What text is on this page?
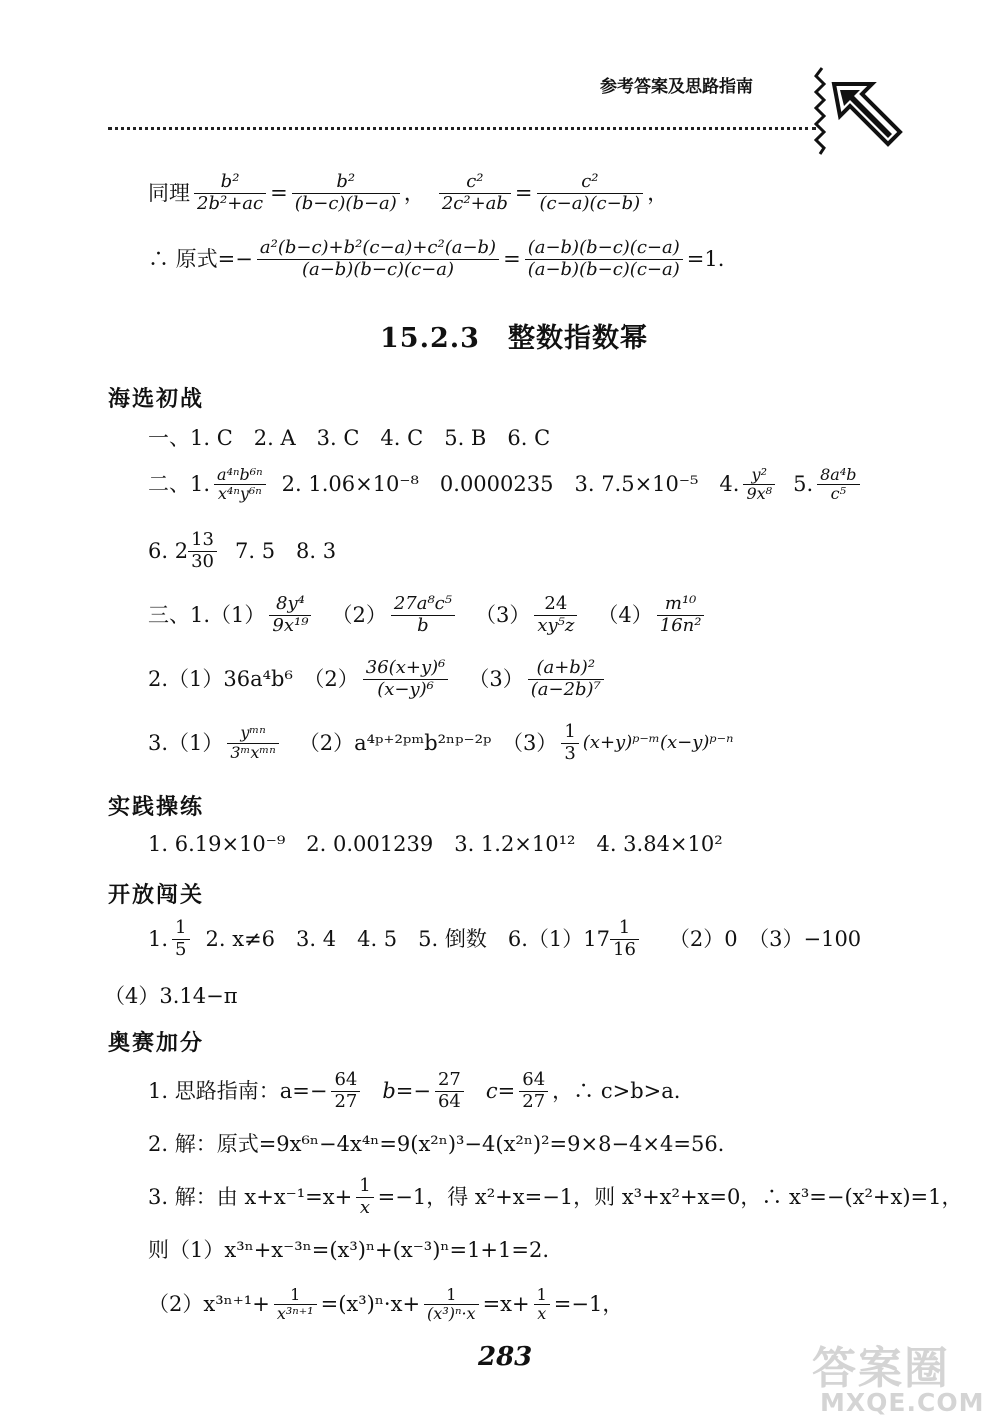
参考答案及思路指南
同理 $\frac{\text{b²}}{\text{2b²+ac}} = \frac{\text{b²}}{(b-c)(b-a)}$ ， $\frac{\text{c²}}{\text{2c²+ab}} = \frac{\text{c²}}{(c-a)(c-b)}$ ，
∴ 原式=− $\frac{\text{a²(b−c)+b²(c−a)+c²(a−b)}}{(a-b)(b-c)(c-a)} = \frac{(a-b)(b-c)(c-a)}{(a-b)(b-c)(c-a)} =1$.
15.2.3 整数指数幂
海选初战
一、1. C　2. A　3. C　4. C　5. B　6. C
二、1. $\frac{\text{a⁴ⁿb⁶ⁿ}}{\text{x⁴ⁿy⁶ⁿ}} 2$. 1.06×10⁻⁸　0.0000235　3. 7.5×10⁻⁵　4. $\frac{\text{y²}}{\text{9x⁸}} 5$. $\frac{\text{8a⁴b}}{\text{c⁵}}$
6. $2 \frac{13}{30} 7$. 5　8. 3
三、$1.(1) \frac{\text{8y⁴}}{\text{9x¹⁹}} (2) \frac{\text{27a⁸c⁵}}{b} (3) \frac{24}{\text{xy⁵z}} (4) \frac{\text{m¹⁰}}{\text{16n²}}$
2.（1）36a⁴b⁶　$(2) \frac{\text{36(x+y)⁶}}{\text{(x−y)⁶}} (3) \frac{\text{(a+b)²}}{\text{(a−2b)⁷}}$
$3.(1) \frac{\text{yᵐⁿ}}{\text{3ᵐxᵐⁿ}}$ （2）a⁴ᵖ⁺²ᵖᵐb²ⁿᵖ⁻²ᵖ　$(3) \frac{1}{3}$ (x+y)ᵖ⁻ᵐ(x−y)ᵖ⁻ⁿ
实践操练
1. 6.19×10⁻⁹　2. 0.001239　3. 1.2×10¹²　4. 3.84×10²
开放闯关
1. $\frac{1}{5} 2$. x≠6　3. 4　4. 5　5. 倒数　$6.(1)17 \frac{1}{16} (2)0$　（3）−100
（4）3.14−π
奥赛加分
1. 思路指南：$a=- \frac{64}{27} b=- \frac{27}{64} c= \frac{64}{27}$ ，∴ c>b>a.
2. 解：原式=9x⁶ⁿ−4x⁴ⁿ=9(x²ⁿ)³−4(x²ⁿ)²=9×8−4×4=56.
3. 解：由 $x+x^{-1}=x+ \frac{1}{x} =-1$，得 x²+x=−1，则 x³+x²+x=0，∴ x³=−(x²+x)=1，
则（1）x³ⁿ+x⁻³ⁿ=(x³)ⁿ+(x⁻³)ⁿ=1+1=2.
$(2)x^{3n+1}+ \frac{1}{\text{x³ⁿ⁺¹}} =(x^3)^n\cdot x+ \frac{1}{\text{(x³)ⁿ·x}} =x+ \frac{1}{x} =-1$，
283	答案圈
MXQE.COM
